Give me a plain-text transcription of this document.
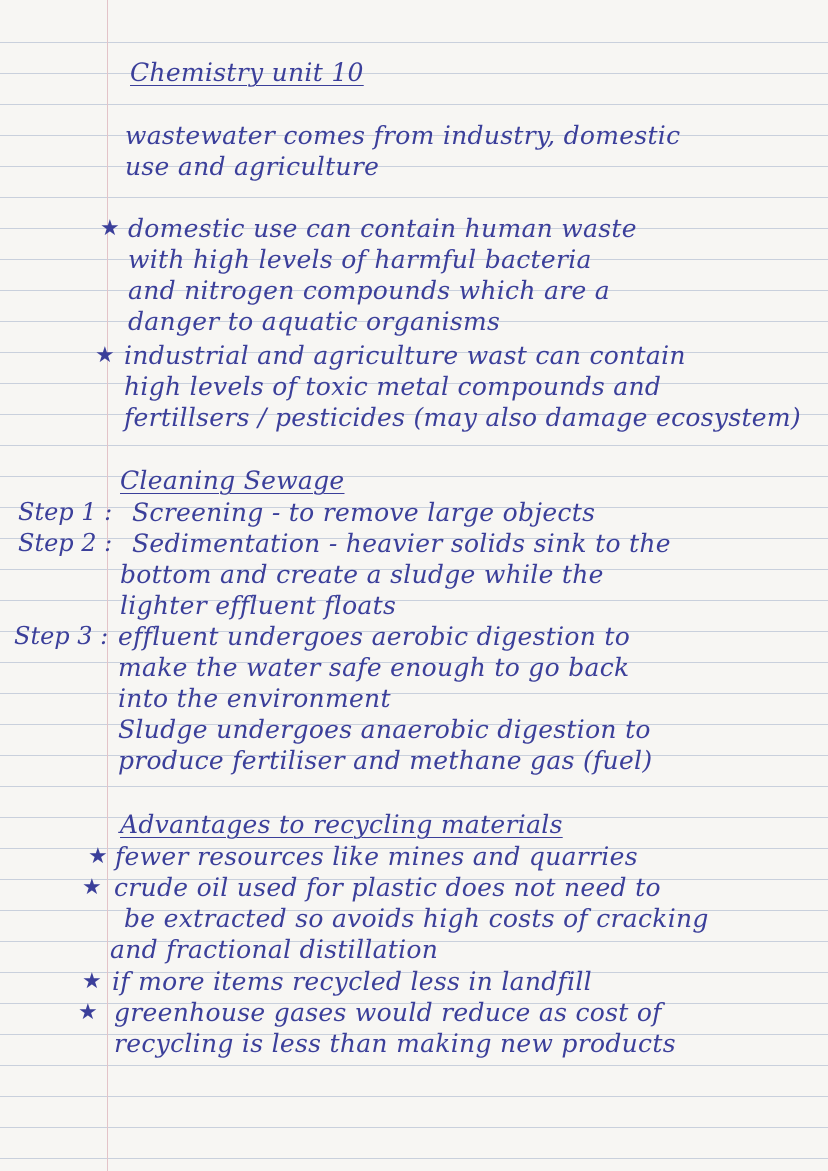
Chemistry unit 10
wastewater comes from industry, domestic
use and agriculture
★ domestic use can contain human waste
with high levels of harmful bacteria
and nitrogen compounds which are a
danger to aquatic organisms
★ industrial and agriculture wast can contain
high levels of toxic metal compounds and
fertillsers / pesticides (may also damage ecosystem)
Cleaning Sewage
Step 1 : Screening - to remove large objects
Step 2 : Sedimentation - heavier solids sink to the
bottom and create a sludge while the
lighter effluent floats
Step 3 : effluent undergoes aerobic digestion to
make the water safe enough to go back
into the environment
Sludge undergoes anaerobic digestion to
produce fertiliser and methane gas (fuel)
Advantages to recycling materials
★ fewer resources like mines and quarries
★ crude oil used for plastic does not need to
be extracted so avoids high costs of cracking
and fractional distillation
★ if more items recycled less in landfill
★ greenhouse gases would reduce as cost of
recycling is less than making new products
